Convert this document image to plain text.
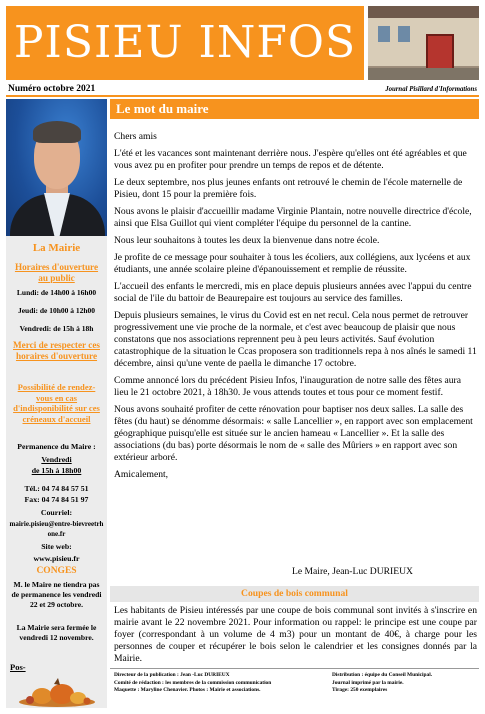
PISIEU INFOS
Numéro octobre 2021	Journal Pisillard d'Informations
La Mairie
Horaires d'ouverture au public
Lundi: de 14h00 à 16h00
Jeudi: de 10h00 à 12h00
Vendredi: de 15h à 18h
Merci de respecter ces horaires d'ouverture
Possibilité de rendez-vous en cas d'indisponibilité sur ces créneaux d'accueil
Permanence du Maire :
Vendredi
de 15h à 18h00
Tél.: 04 74 84 57 51
Fax: 04 74 84 51 97
Courriel:
mairie.pisieu@entre-bievreetrhone.fr
Site web:
www.pisieu.fr
CONGES
M. le Maire ne tiendra pas de permanence les vendredi 22 et 29 octobre.
La Mairie sera fermée le vendredi 12 novembre.
Pos-
Le mot du maire

Chers amis

L'été et les vacances sont maintenant derrière nous. J'espère qu'elles ont été agréables et que vous avez pu en profiter pour prendre un temps de repos et de détente.

Le deux septembre, nos plus jeunes enfants ont retrouvé le chemin de l'école maternelle de Pisieu, dont 15 pour la première fois.

Nous avons le plaisir d'accueillir madame Virginie Plantain, notre nouvelle directrice d'école, ainsi que Elsa Guillot qui vient compléter l'équipe du personnel de la cantine.

Nous leur souhaitons à toutes les deux la bienvenue dans notre école.

Je profite de ce message pour souhaiter à tous les écoliers, aux collégiens, aux lycéens et aux étudiants, une année scolaire pleine d'épanouissement et remplie de réussite.

L'accueil des enfants le mercredi, mis en place depuis plusieurs années avec l'appui du centre social de l'ile du battoir de Beaurepaire est toujours au service des familles.

Depuis plusieurs semaines, le virus du Covid est en net recul. Cela nous permet de retrouver progressivement une vie proche de la normale, et c'est avec beaucoup de plaisir que nous constatons que nos associations reprennent peu à peu leurs activités. Sauf évolution catastrophique de la situation le Ccas proposera son traditionnels repa à nos aînés le samedi 11 décembre, ainsi qu'une vente de paella le dimanche 17 octobre.

Comme annoncé lors du précédent Pisieu Infos, l'inauguration de notre salle des fêtes aura lieu le 21 octobre 2021, à 18h30. Je vous attends toutes et tous pour ce moment festif.

Nous avons souhaité profiter de cette rénovation pour baptiser nos deux salles. La salle des fêtes (du haut) se dénomme désormais: « salle Lancellier », en rapport avec son emplacement géographique puisqu'elle est située sur le ancien hameau « Lancellier ». Et la salle des associations (du bas) porte désormais le nom de « salle des Mûriers » en rapport avec son extérieur arboré.

Amicalement,

Le Maire, Jean-Luc DURIEUX
Coupes de bois communal
Les habitants de Pisieu intéressés par une coupe de bois communal sont invités à s'inscrire en mairie avant le 22 novembre 2021. Pour information ou rappel: le principe est une coupe par foyer (correspondant à un volume de 4 m3) pour un montant de 40€, à charge pour les personnes de couper et récupérer le bois selon le calendrier et les consignes donnés par la Mairie.
Directeur de la publication : Jean -Luc DURIEUX
Comité de rédaction : les membres de la commission communication
Maquette : Maryline Chenavier. Photos : Mairie et associations.
Distribution : équipe du Conseil Municipal.
Journal imprimé par la mairie.
Tirage: 250 exemplaires
